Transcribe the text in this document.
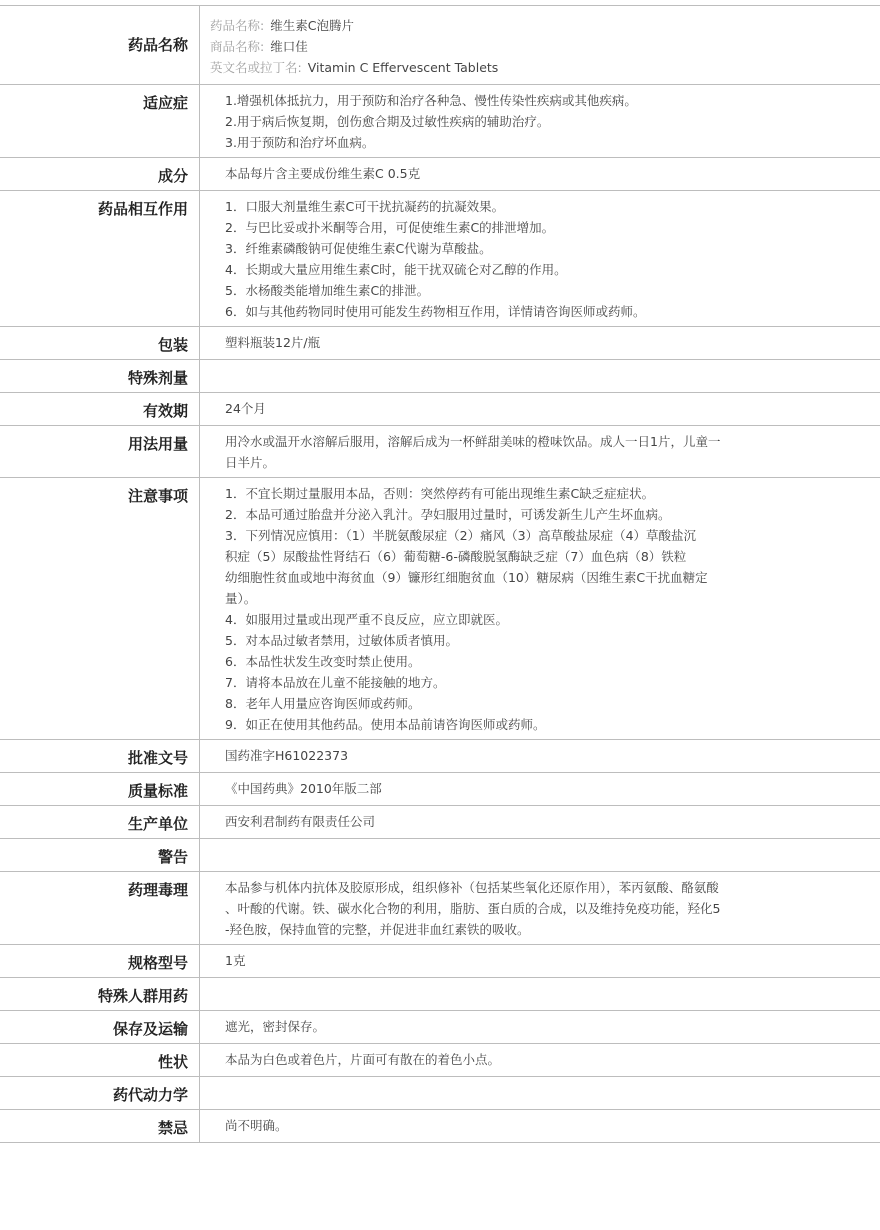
药品名称
药品名称: 维生素C泡腾片
商品名称: 维口佳
英文名或拉丁名: Vitamin C Effervescent Tablets
适应症	1.增强机体抵抗力，用于预防和治疗各种急、慢性传染性疾病或其他疾病。

2.用于病后恢复期，创伤愈合期及过敏性疾病的辅助治疗。

3.用于预防和治疗坏血病。

成分	本品每片含主要成份维生素C 0.5克

药品相互作用	1．口服大剂量维生素C可干扰抗凝药的抗凝效果。

2．与巴比妥或扑米酮等合用，可促使维生素C的排泄增加。

3．纤维素磷酸钠可促使维生素C代谢为草酸盐。

4．长期或大量应用维生素C时，能干扰双硫仑对乙醇的作用。

5．水杨酸类能增加维生素C的排泄。

6．如与其他药物同时使用可能发生药物相互作用，详情请咨询医师或药师。

包装	塑料瓶装12片/瓶

特殊剂量
有效期	24个月

用法用量	用冷水或温开水溶解后服用，溶解后成为一杯鲜甜美味的橙味饮品。成人一日1片，儿童一

日半片。

注意事项	1．不宜长期过量服用本品，否则：突然停药有可能出现维生素C缺乏症症状。

2．本品可通过胎盘并分泌入乳汁。孕妇服用过量时，可诱发新生儿产生坏血病。

3．下列情况应慎用：（1）半胱氨酸尿症（2）痛风（3）高草酸盐尿症（4）草酸盐沉

积症（5）尿酸盐性肾结石（6）葡萄糖-6-磷酸脱氢酶缺乏症（7）血色病（8）铁粒

幼细胞性贫血或地中海贫血（9）镰形红细胞贫血（10）糖尿病（因维生素C干扰血糖定

量）。

4．如服用过量或出现严重不良反应，应立即就医。

5．对本品过敏者禁用，过敏体质者慎用。

6．本品性状发生改变时禁止使用。

7．请将本品放在儿童不能接触的地方。

8．老年人用量应咨询医师或药师。

9．如正在使用其他药品。使用本品前请咨询医师或药师。

批准文号	国药准字H61022373

质量标准	《中国药典》2010年版二部

生产单位	西安利君制药有限责任公司

警告
药理毒理	本品参与机体内抗体及胶原形成，组织修补（包括某些氧化还原作用），苯丙氨酸、酪氨酸

、叶酸的代谢。铁、碳水化合物的利用，脂肪、蛋白质的合成，以及维持免疫功能，羟化5

-羟色胺，保持血管的完整，并促进非血红素铁的吸收。

规格型号	1克

特殊人群用药
保存及运输	遮光，密封保存。

性状	本品为白色或着色片，片面可有散在的着色小点。

药代动力学
禁忌	尚不明确。
